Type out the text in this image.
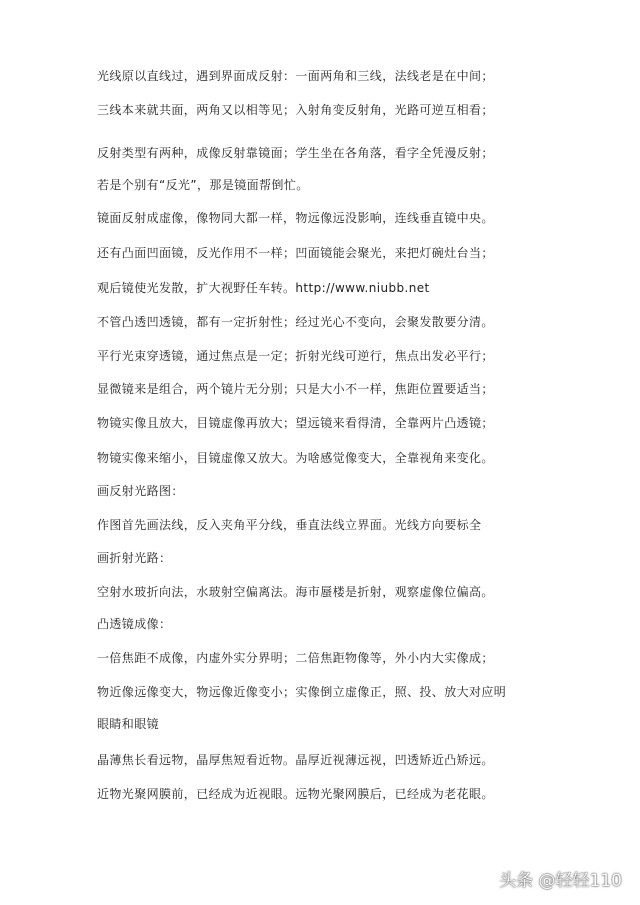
光线原以直线过，遇到界面成反射：一面两角和三线，法线老是在中间；
三线本来就共面，两角又以相等见；入射角变反射角，光路可逆互相看；
反射类型有两种，成像反射靠镜面；学生坐在各角落，看字全凭漫反射；
若是个别有“反光”，那是镜面帮倒忙。
镜面反射成虚像，像物同大都一样，物远像远没影响，连线垂直镜中央。
还有凸面凹面镜，反光作用不一样；凹面镜能会聚光，来把灯碗灶台当；
观后镜使光发散，扩大视野任车转。http://www.niubb.net
不管凸透凹透镜，都有一定折射性；经过光心不变向，会聚发散要分清。
平行光束穿透镜，通过焦点是一定；折射光线可逆行，焦点出发必平行；
显微镜来是组合，两个镜片无分别；只是大小不一样，焦距位置要适当；
物镜实像且放大，目镜虚像再放大；望远镜来看得清，全靠两片凸透镜；
物镜实像来缩小，目镜虚像又放大。为啥感觉像变大，全靠视角来变化。
画反射光路图：
作图首先画法线，反入夹角平分线，垂直法线立界面。光线方向要标全
画折射光路：
空射水玻折向法，水玻射空偏离法。海市蜃楼是折射，观察虚像位偏高。
凸透镜成像：
一倍焦距不成像，内虚外实分界明；二倍焦距物像等，外小内大实像成；
物近像远像变大，物远像近像变小；实像倒立虚像正，照、投、放大对应明
眼睛和眼镜
晶薄焦长看远物，晶厚焦短看近物。晶厚近视薄远视，凹透矫近凸矫远。
近物光聚网膜前，已经成为近视眼。远物光聚网膜后，已经成为老花眼。
头条 @轻轻110
